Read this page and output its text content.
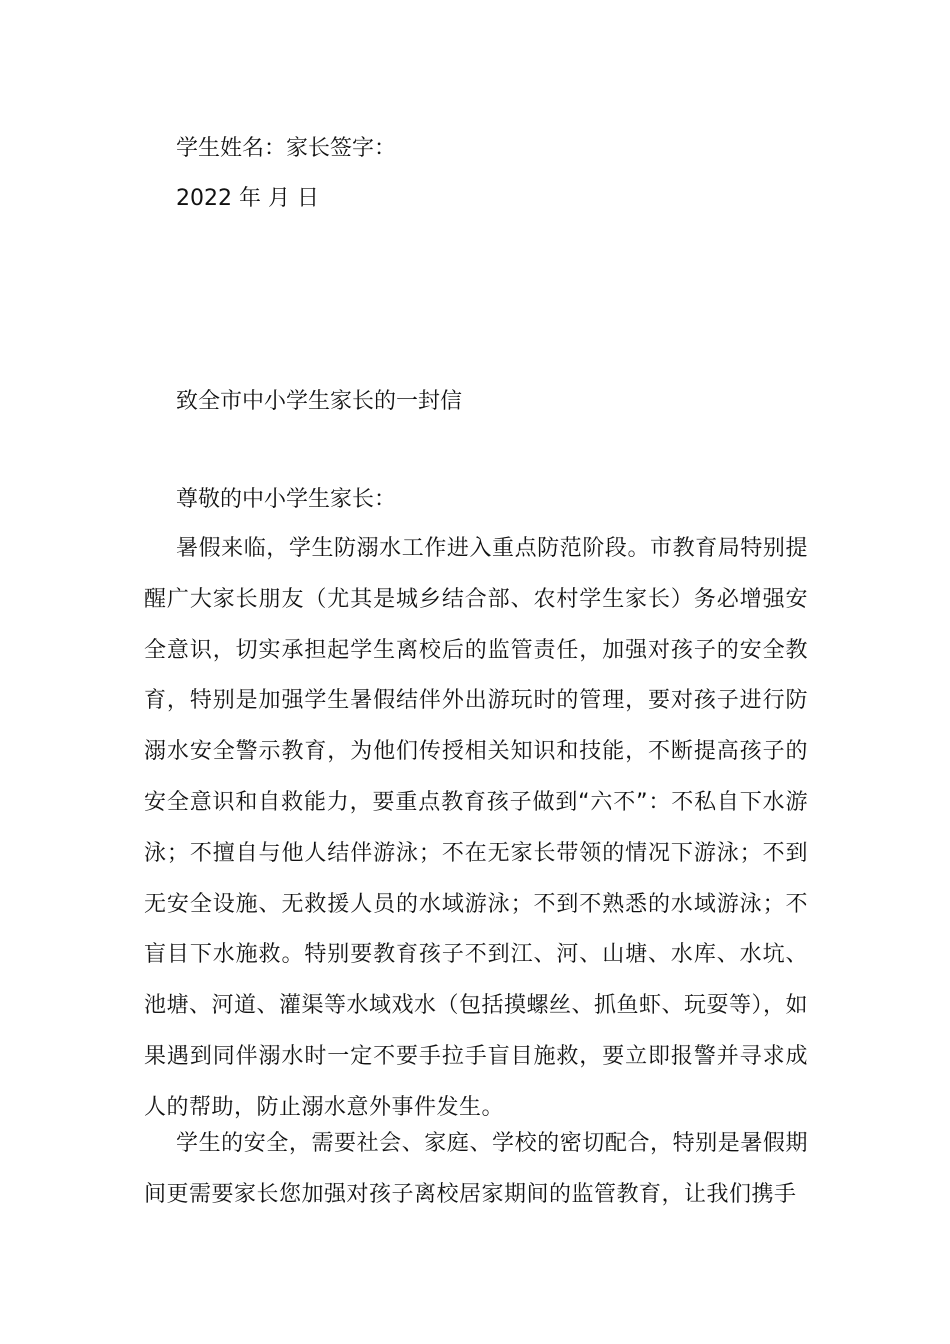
学生姓名：家长签字：
2022 年 月 日
致全市中小学生家长的一封信
尊敬的中小学生家长：
暑假来临，学生防溺水工作进入重点防范阶段。市教育局特别提醒广大家长朋友（尤其是城乡结合部、农村学生家长）务必增强安全意识，切实承担起学生离校后的监管责任，加强对孩子的安全教育，特别是加强学生暑假结伴外出游玩时的管理，要对孩子进行防溺水安全警示教育，为他们传授相关知识和技能，不断提高孩子的安全意识和自救能力，要重点教育孩子做到“六不”：不私自下水游泳；不擅自与他人结伴游泳；不在无家长带领的情况下游泳；不到无安全设施、无救援人员的水域游泳；不到不熟悉的水域游泳；不盲目下水施救。特别要教育孩子不到江、河、山塘、水库、水坑、池塘、河道、灌渠等水域戏水（包括摸螺丝、抓鱼虾、玩耍等），如果遇到同伴溺水时一定不要手拉手盲目施救，要立即报警并寻求成人的帮助，防止溺水意外事件发生。
学生的安全，需要社会、家庭、学校的密切配合，特别是暑假期间更需要家长您加强对孩子离校居家期间的监管教育，让我们携手
